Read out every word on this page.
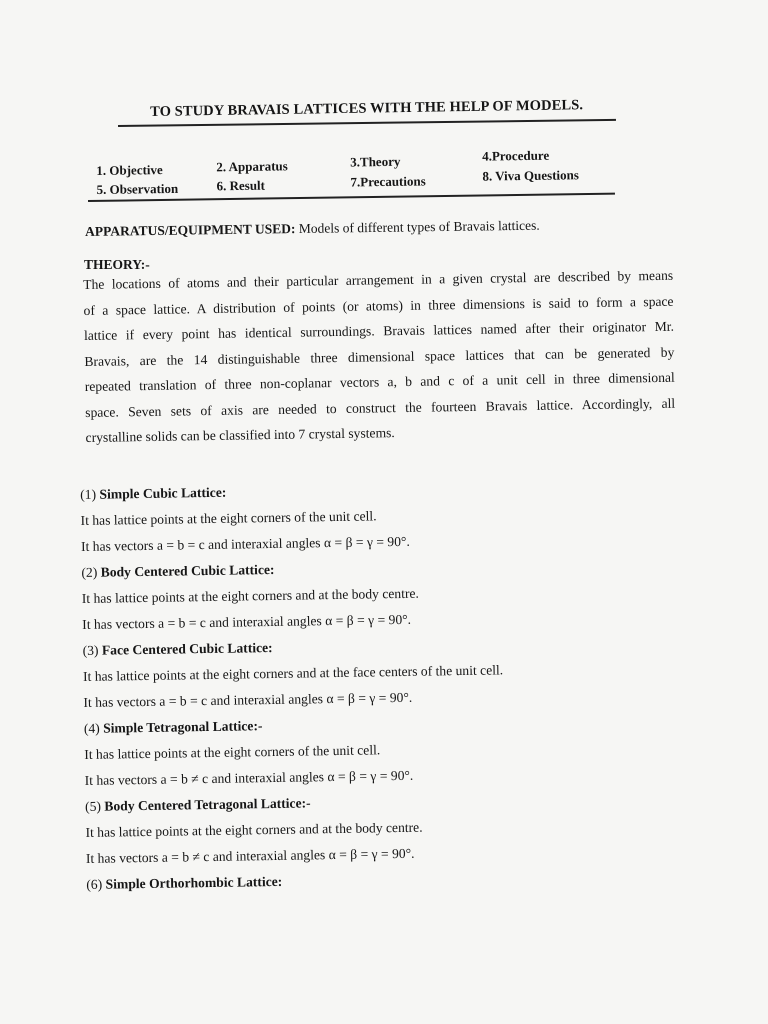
TO STUDY BRAVAIS LATTICES WITH THE HELP OF MODELS.
1. Objective	2. Apparatus	3.Theory	4.Procedure
5. Observation	6. Result	7.Precautions	8. Viva Questions
APPARATUS/EQUIPMENT USED: Models of different types of Bravais lattices.
THEORY:-
The locations of atoms and their particular arrangement in a given crystal are described by means
of a space lattice. A distribution of points (or atoms) in three dimensions is said to form a space
lattice if every point has identical surroundings. Bravais lattices named after their originator Mr.
Bravais, are the 14 distinguishable three dimensional space lattices that can be generated by
repeated translation of three non-coplanar vectors a, b and c of a unit cell in three dimensional
space. Seven sets of axis are needed to construct the fourteen Bravais lattice. Accordingly, all
crystalline solids can be classified into 7 crystal systems.
(1) Simple Cubic Lattice:
It has lattice points at the eight corners of the unit cell.
It has vectors a = b = c and interaxial angles α = β = γ = 90°.
(2) Body Centered Cubic Lattice:
It has lattice points at the eight corners and at the body centre.
It has vectors a = b = c and interaxial angles α = β = γ = 90°.
(3) Face Centered Cubic Lattice:
It has lattice points at the eight corners and at the face centers of the unit cell.
It has vectors a = b = c and interaxial angles α = β = γ = 90°.
(4) Simple Tetragonal Lattice:-
It has lattice points at the eight corners of the unit cell.
It has vectors a = b ≠ c and interaxial angles α = β = γ = 90°.
(5) Body Centered Tetragonal Lattice:-
It has lattice points at the eight corners and at the body centre.
It has vectors a = b ≠ c and interaxial angles α = β = γ = 90°.
(6) Simple Orthorhombic Lattice:
